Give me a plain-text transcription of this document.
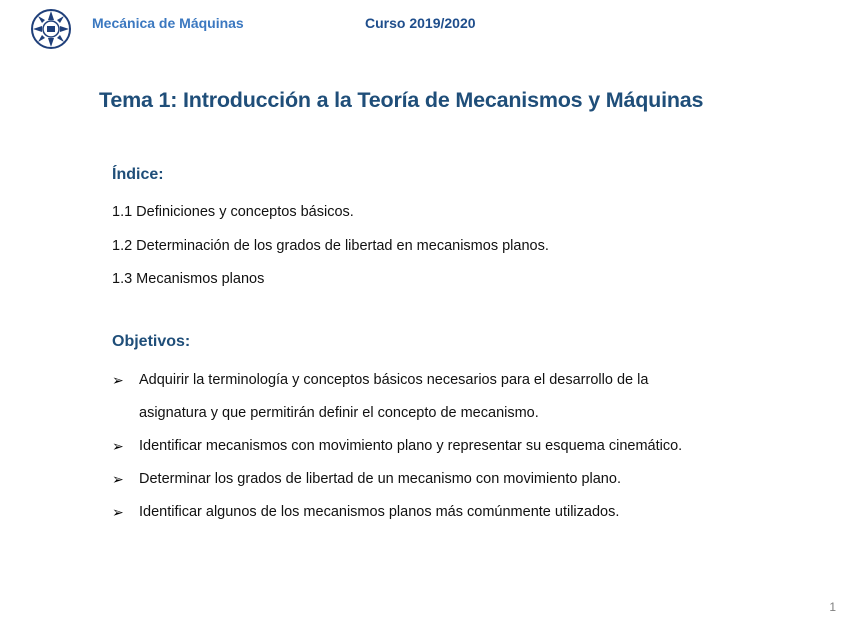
Mecánica de Máquinas	Curso 2019/2020
Tema 1: Introducción a la Teoría de Mecanismos y Máquinas
Índice:
1.1 Definiciones y conceptos básicos.
1.2 Determinación de los grados de libertad en mecanismos planos.
1.3 Mecanismos planos
Objetivos:
➢ Adquirir la terminología y conceptos básicos necesarios para el desarrollo de la
asignatura y que permitirán definir el concepto de mecanismo.
➢ Identificar mecanismos con movimiento plano y representar su esquema cinemático.
➢ Determinar los grados de libertad de un mecanismo con movimiento plano.
➢ Identificar algunos de los mecanismos planos más comúnmente utilizados.
1
